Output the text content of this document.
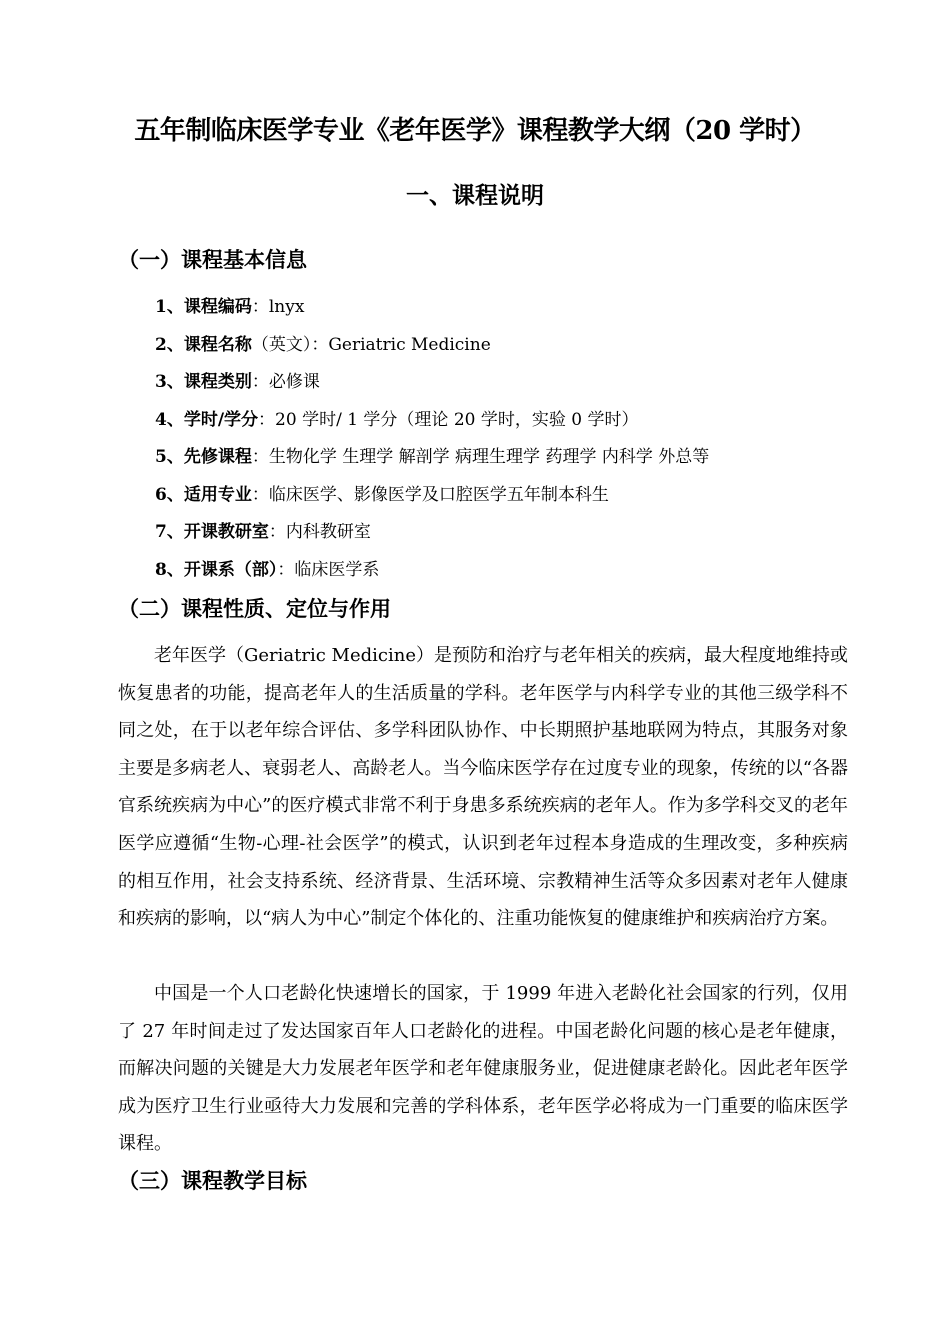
五年制临床医学专业《老年医学》课程教学大纲（20 学时）
一、课程说明
（一）课程基本信息
1、课程编码：lnyx
2、课程名称（英文）：Geriatric Medicine
3、课程类别：必修课
4、学时/学分：20 学时/ 1 学分（理论 20 学时，实验 0 学时）
5、先修课程：生物化学 生理学 解剖学 病理生理学 药理学 内科学 外总等
6、适用专业：临床医学、影像医学及口腔医学五年制本科生
7、开课教研室：内科教研室
8、开课系（部）：临床医学系
（二）课程性质、定位与作用

老年医学（Geriatric Medicine）是预防和治疗与老年相关的疾病，最大程度地维持或恢复患者的功能，提高老年人的生活质量的学科。老年医学与内科学专业的其他三级学科不同之处，在于以老年综合评估、多学科团队协作、中长期照护基地联网为特点，其服务对象主要是多病老人、衰弱老人、高龄老人。当今临床医学存在过度专业的现象，传统的以“各器官系统疾病为中心”的医疗模式非常不利于身患多系统疾病的老年人。作为多学科交叉的老年医学应遵循“生物-心理-社会医学”的模式，认识到老年过程本身造成的生理改变，多种疾病的相互作用，社会支持系统、经济背景、生活环境、宗教精神生活等众多因素对老年人健康和疾病的影响，以“病人为中心”制定个体化的、注重功能恢复的健康维护和疾病治疗方案。

中国是一个人口老龄化快速增长的国家，于 1999 年进入老龄化社会国家的行列，仅用了 27 年时间走过了发达国家百年人口老龄化的进程。中国老龄化问题的核心是老年健康，而解决问题的关键是大力发展老年医学和老年健康服务业，促进健康老龄化。因此老年医学成为医疗卫生行业亟待大力发展和完善的学科体系，老年医学必将成为一门重要的临床医学课程。

（三）课程教学目标
